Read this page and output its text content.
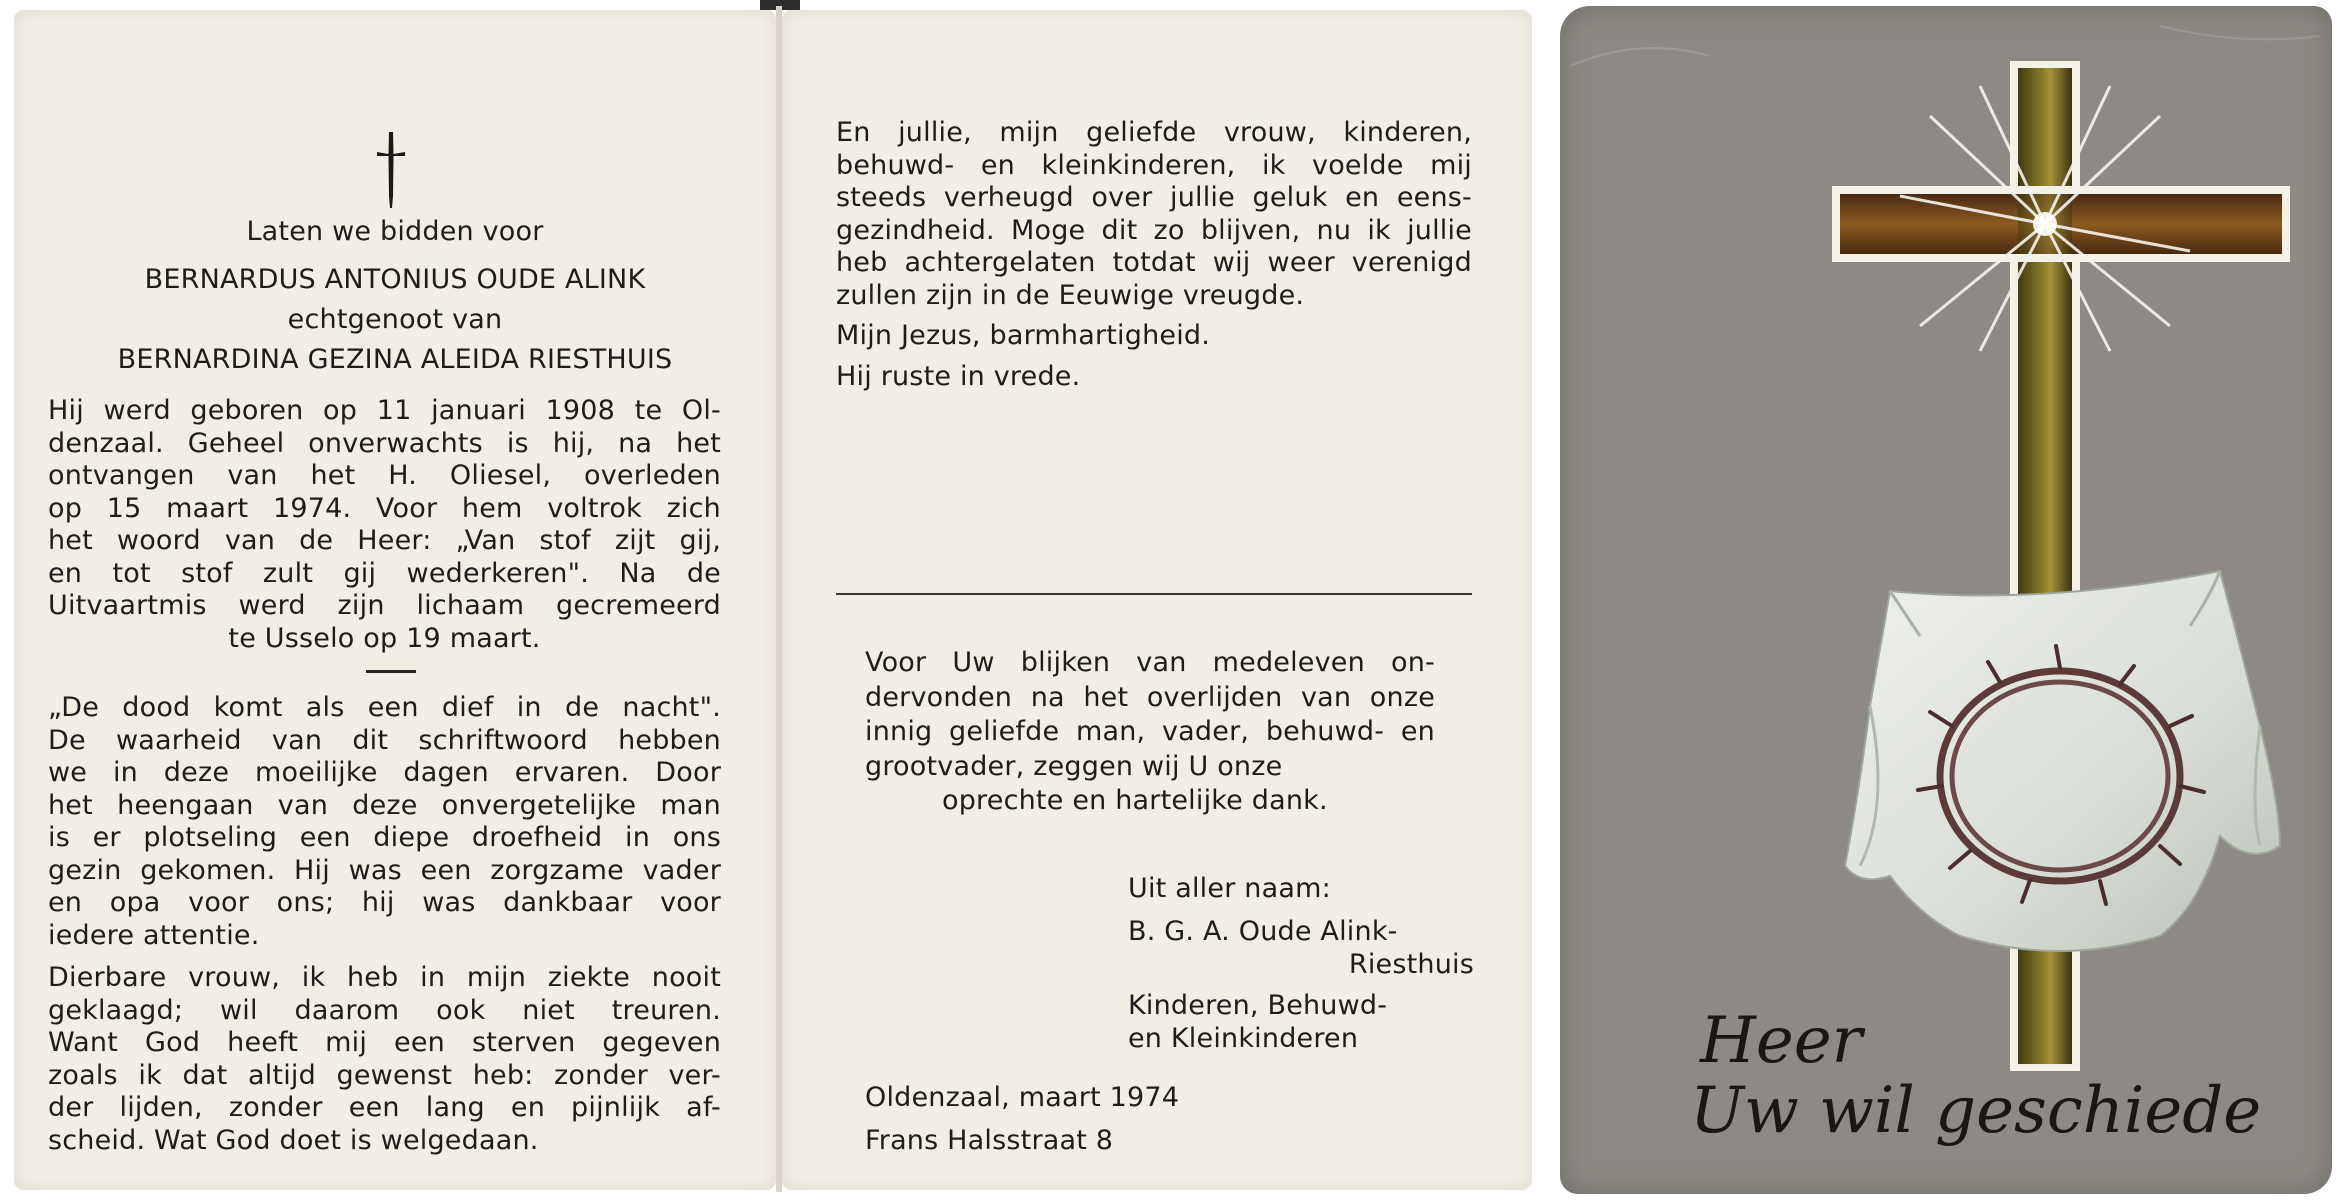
Laten we bidden voor
BERNARDUS ANTONIUS OUDE ALINK
echtgenoot van
BERNARDINA GEZINA ALEIDA RIESTHUIS
Hij werd geboren op 11 januari 1908 te Ol-
denzaal. Geheel onverwachts is hij, na het
ontvangen van het H. Oliesel, overleden
op 15 maart 1974. Voor hem voltrok zich
het woord van de Heer: „Van stof zijt gij,
en tot stof zult gij wederkeren". Na de
Uitvaartmis werd zijn lichaam gecremeerd
te Usselo op 19 maart.
„De dood komt als een dief in de nacht".
De waarheid van dit schriftwoord hebben
we in deze moeilijke dagen ervaren. Door
het heengaan van deze onvergetelijke man
is er plotseling een diepe droefheid in ons
gezin gekomen. Hij was een zorgzame vader
en opa voor ons; hij was dankbaar voor
iedere attentie.
Dierbare vrouw, ik heb in mijn ziekte nooit
geklaagd; wil daarom ook niet treuren.
Want God heeft mij een sterven gegeven
zoals ik dat altijd gewenst heb: zonder ver-
der lijden, zonder een lang en pijnlijk af-
scheid. Wat God doet is welgedaan.
En jullie, mijn geliefde vrouw, kinderen,
behuwd- en kleinkinderen, ik voelde mij
steeds verheugd over jullie geluk en eens-
gezindheid. Moge dit zo blijven, nu ik jullie
heb achtergelaten totdat wij weer verenigd
zullen zijn in de Eeuwige vreugde.
Mijn Jezus, barmhartigheid.
Hij ruste in vrede.
Voor Uw blijken van medeleven on-
dervonden na het overlijden van onze
innig geliefde man, vader, behuwd- en
grootvader, zeggen wij U onze
oprechte en hartelijke dank.
Uit aller naam:
B. G. A. Oude Alink-
Riesthuis
Kinderen, Behuwd-
en Kleinkinderen
Oldenzaal, maart 1974
Frans Halsstraat 8
Heer
Uw wil geschiede
